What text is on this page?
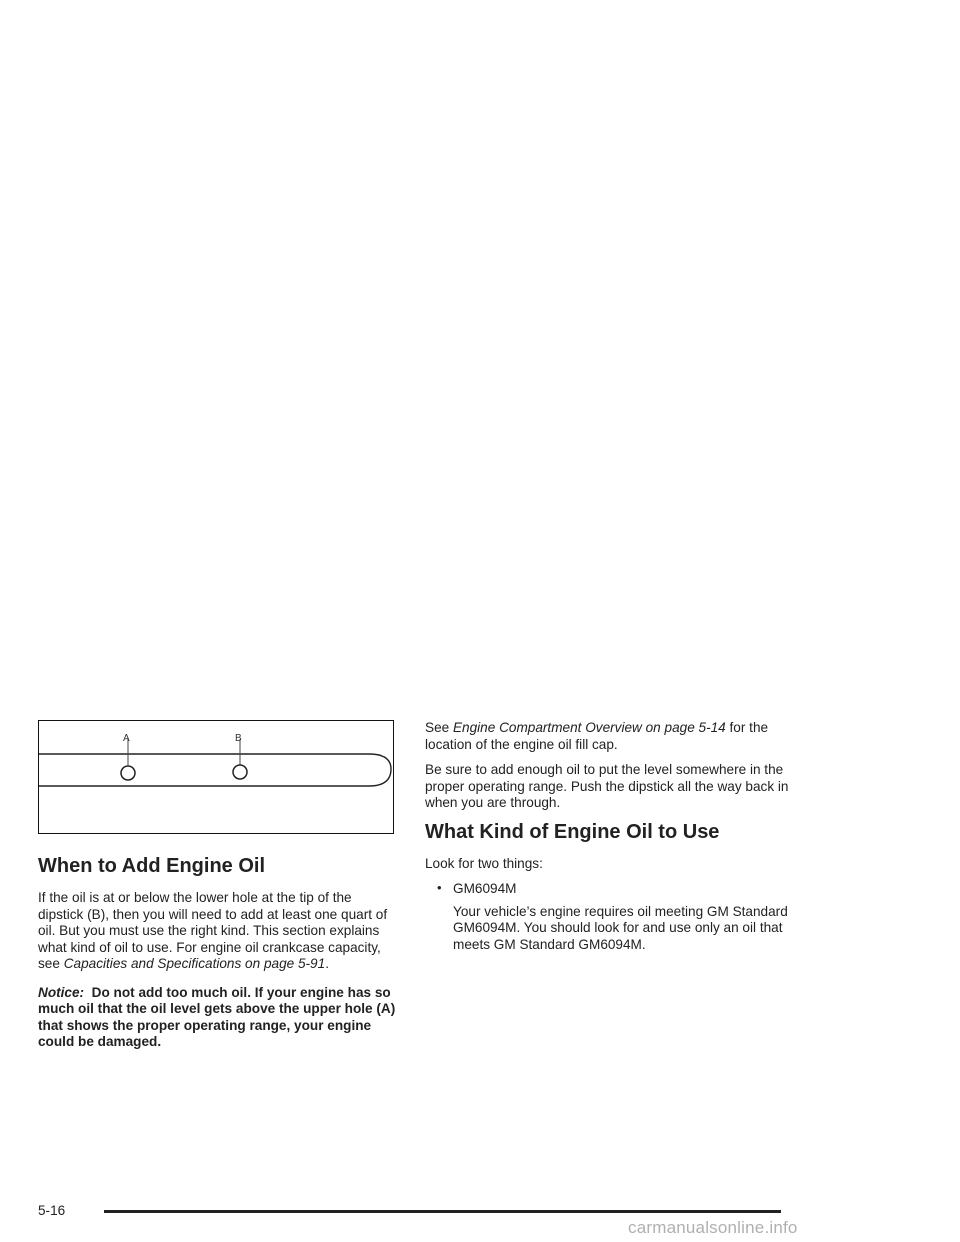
A	B
When to Add Engine Oil

If the oil is at or below the lower hole at the tip of the dipstick (B), then you will need to add at least one quart of oil. But you must use the right kind. This section explains what kind of oil to use. For engine oil crankcase capacity, see Capacities and Specifications on page 5-91.

Notice: Do not add too much oil. If your engine has so much oil that the oil level gets above the upper hole (A) that shows the proper operating range, your engine could be damaged.

See Engine Compartment Overview on page 5-14 for the location of the engine oil fill cap.

Be sure to add enough oil to put the level somewhere in the proper operating range. Push the dipstick all the way back in when you are through.

What Kind of Engine Oil to Use

Look for two things:

• GM6094M
Your vehicle’s engine requires oil meeting GM Standard GM6094M. You should look for and use only an oil that meets GM Standard GM6094M.
5-16
carmanualsonline.info
